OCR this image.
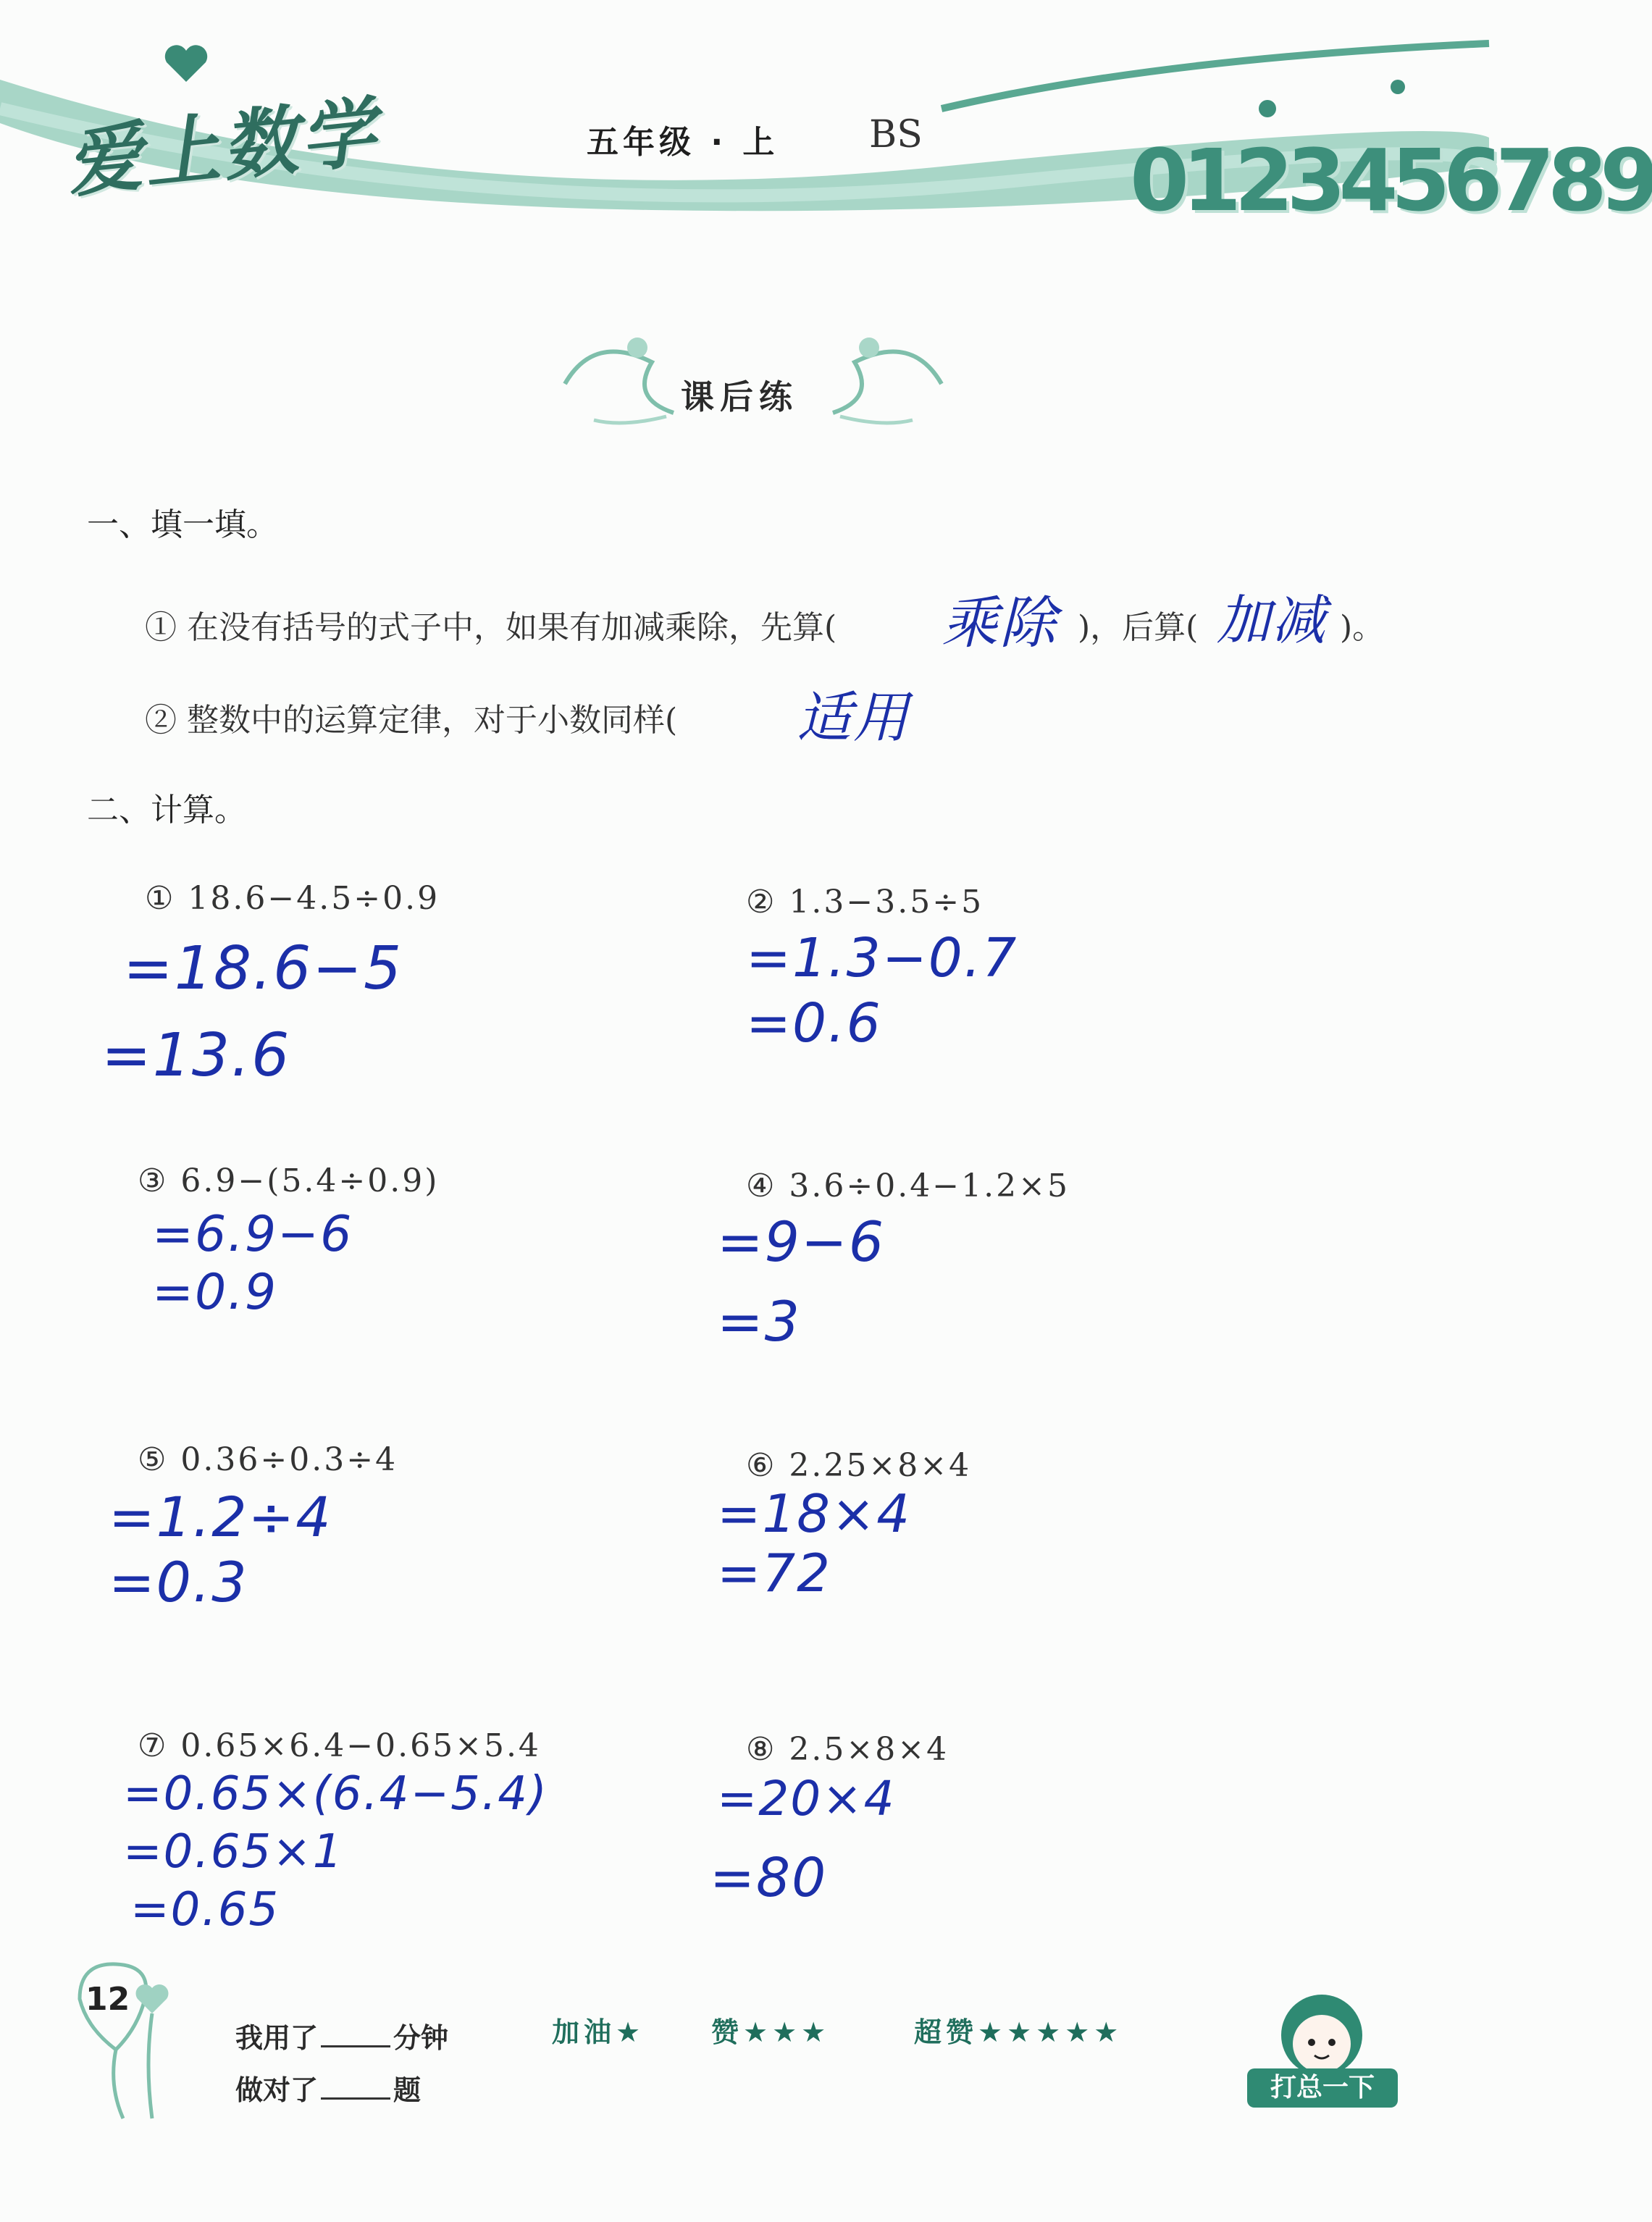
爱上数学	五年级 · 上 BS 0123456789
课后练
一、填一填。
① 在没有括号的式子中，如果有加减乘除，先算( 乘除 )，后算( 加减 )。
② 整数中的运算定律，对于小数同样( 适用
二、计算。
① 18.6−4.5÷0.9
=18.6−5
=13.6
② 1.3−3.5÷5
=1.3−0.7
=0.6
③ 6.9−(5.4÷0.9)
=6.9−6
=0.9
④ 3.6÷0.4−1.2×5
=9−6
=3
⑤ 0.36÷0.3÷4
=1.2÷4
=0.3
⑥ 2.25×8×4
=18×4
=72
⑦ 0.65×6.4−0.65×5.4
=0.65×(6.4−5.4)
=0.65×1
=0.65
⑧ 2.5×8×4
=20×4
=80
12
我用了	分钟
做对了	题
加油★ 赞★★★	超赞★★★★★
打总一下
